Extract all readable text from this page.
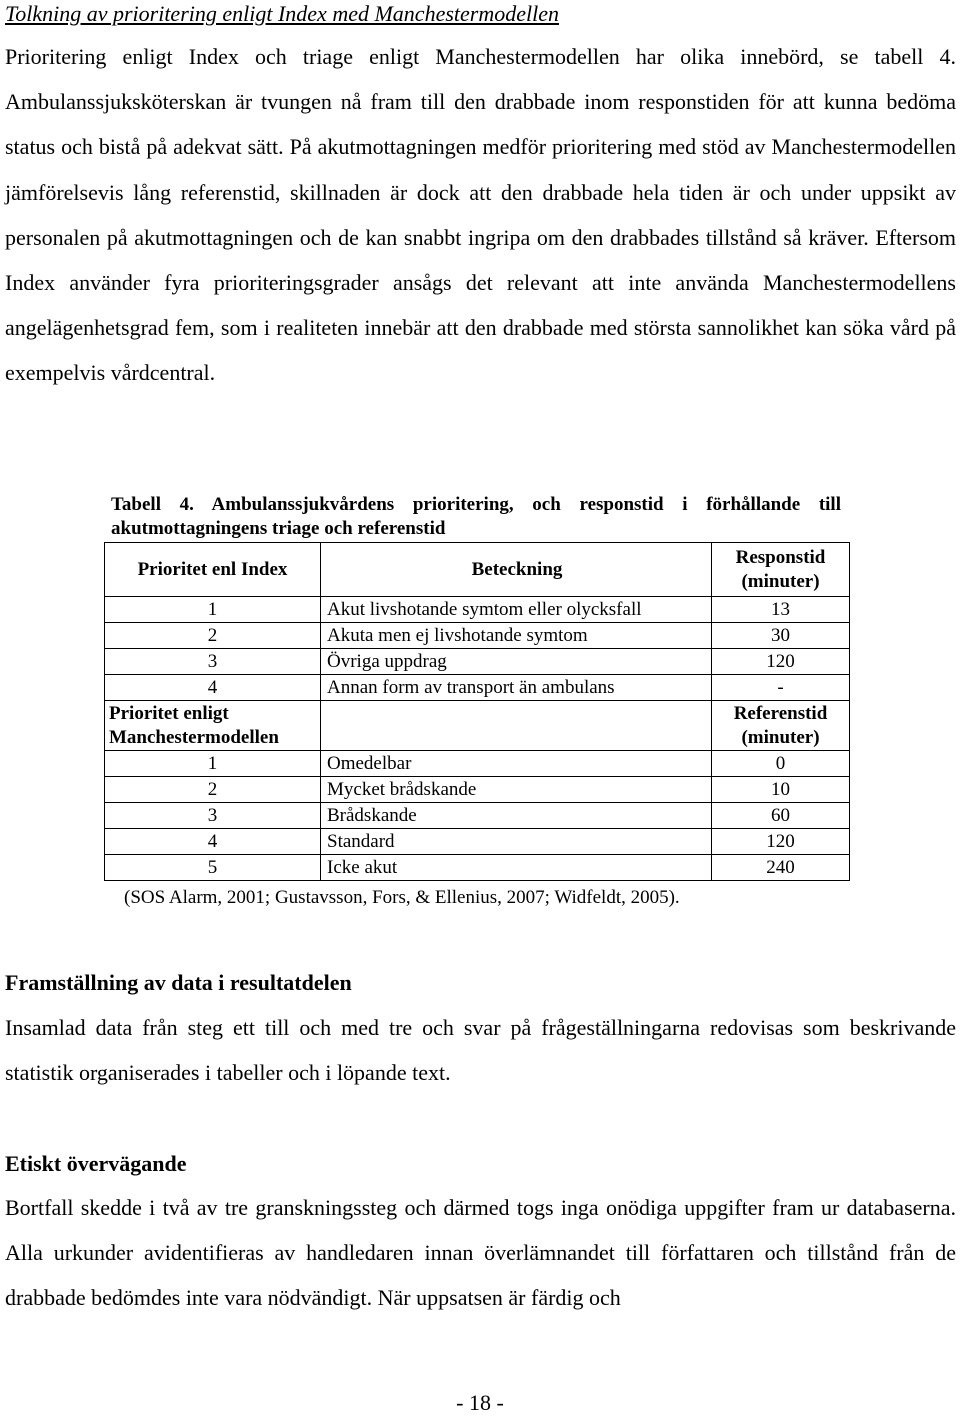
Tolkning av prioritering enligt Index med Manchestermodellen

Prioritering enligt Index och triage enligt Manchestermodellen har olika innebörd, se tabell 4. Ambulanssjuksköterskan är tvungen nå fram till den drabbade inom responstiden för att kunna bedöma status och bistå på adekvat sätt. På akutmottagningen medför prioritering med stöd av Manchestermodellen jämförelsevis lång referenstid, skillnaden är dock att den drabbade hela tiden är och under uppsikt av personalen på akutmottagningen och de kan snabbt ingripa om den drabbades tillstånd så kräver. Eftersom Index använder fyra prioriteringsgrader ansågs det relevant att inte använda Manchestermodellens angelägenhetsgrad fem, som i realiteten innebär att den drabbade med största sannolikhet kan söka vård på exempelvis vårdcentral.

Tabell 4. Ambulanssjukvårdens prioritering, och responstid i förhållande till akutmottagningens triage och referenstid
Prioritet enl Index	Beteckning	Responstid (minuter)
1	Akut livshotande symtom eller olycksfall	13
2	Akuta men ej livshotande symtom	30
3	Övriga uppdrag	120
4	Annan form av transport än ambulans	-
Prioritet enligt Manchestermodellen		Referenstid (minuter)
1	Omedelbar	0
2	Mycket brådskande	10
3	Brådskande	60
4	Standard	120
5	Icke akut	240
(SOS Alarm, 2001; Gustavsson, Fors, & Ellenius, 2007; Widfeldt, 2005).
Framställning av data i resultatdelen

Insamlad data från steg ett till och med tre och svar på frågeställningarna redovisas som beskrivande statistik organiserades i tabeller och i löpande text.

Etiskt övervägande

Bortfall skedde i två av tre granskningssteg och därmed togs inga onödiga uppgifter fram ur databaserna. Alla urkunder avidentifieras av handledaren innan överlämnandet till författaren och tillstånd från de drabbade bedömdes inte vara nödvändigt. När uppsatsen är färdig och

- 18 -
